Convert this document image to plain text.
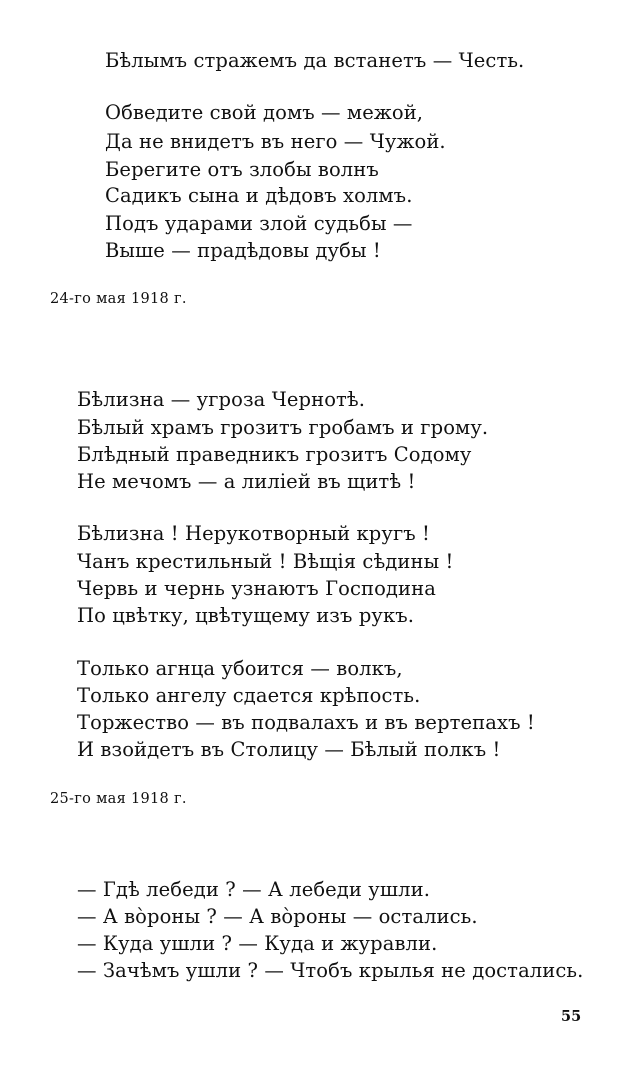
Бѣлымъ стражемъ да встанетъ — Честь.
Обведите свой домъ — межой,
Да не внидетъ въ него — Чужой.
Берегите отъ злобы волнъ
Садикъ сына и дѣдовъ холмъ.
Подъ ударами злой судьбы —
Выше — прадѣдовы дубы !
24-го мая 1918 г.
Бѣлизна — угроза Чернотѣ.
Бѣлый храмъ грозитъ гробамъ и грому.
Блѣдный праведникъ грозитъ Содому
Не мечомъ — а лиліей въ щитѣ !
Бѣлизна ! Нерукотворный кругъ !
Чанъ крестильный ! Вѣщія сѣдины !
Червь и чернь узнаютъ Господина
По цвѣтку, цвѣтущему изъ рукъ.
Только агнца убоится — волкъ,
Только ангелу сдается крѣпость.
Торжество — въ подвалахъ и въ вертепахъ !
И взойдетъ въ Столицу — Бѣлый полкъ !
25-го мая 1918 г.
— Гдѣ лебеди ? — А лебеди ушли.
— А вòроны ? — А вòроны — остались.
— Куда ушли ? — Куда и журавли.
— Зачѣмъ ушли ? — Чтобъ крылья не достались.
55
